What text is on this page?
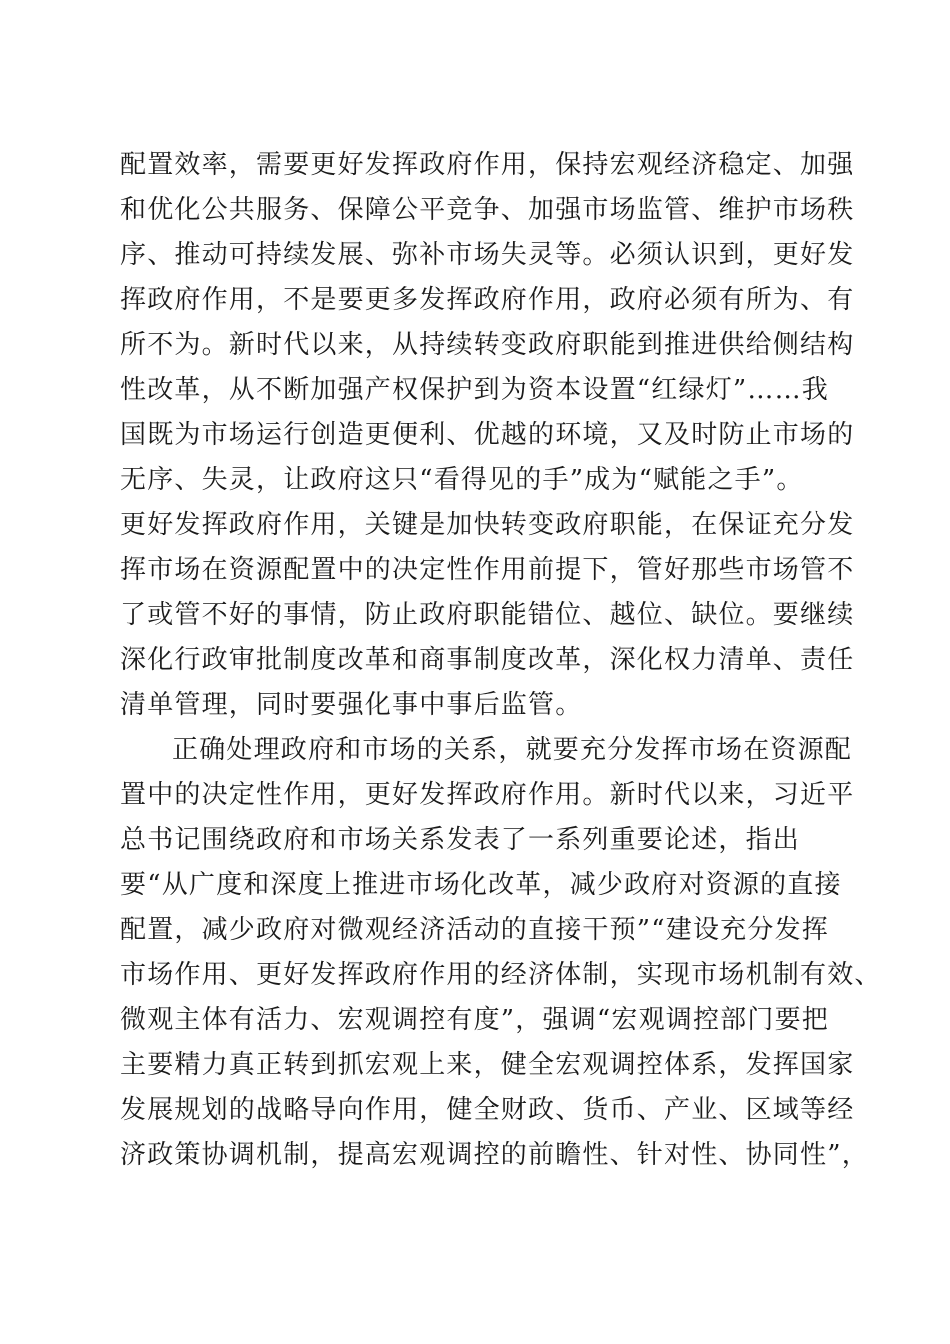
配置效率，需要更好发挥政府作用，保持宏观经济稳定、加强
和优化公共服务、保障公平竞争、加强市场监管、维护市场秩
序、推动可持续发展、弥补市场失灵等。必须认识到，更好发
挥政府作用，不是要更多发挥政府作用，政府必须有所为、有
所不为。新时代以来，从持续转变政府职能到推进供给侧结构
性改革，从不断加强产权保护到为资本设置“红绿灯”……我
国既为市场运行创造更便利、优越的环境，又及时防止市场的
无序、失灵，让政府这只“看得见的手”成为“赋能之手”。
更好发挥政府作用，关键是加快转变政府职能，在保证充分发
挥市场在资源配置中的决定性作用前提下，管好那些市场管不
了或管不好的事情，防止政府职能错位、越位、缺位。要继续
深化行政审批制度改革和商事制度改革，深化权力清单、责任
清单管理，同时要强化事中事后监管。
正确处理政府和市场的关系，就要充分发挥市场在资源配
置中的决定性作用，更好发挥政府作用。新时代以来，习近平
总书记围绕政府和市场关系发表了一系列重要论述，指出
要“从广度和深度上推进市场化改革，减少政府对资源的直接
配置，减少政府对微观经济活动的直接干预”“建设充分发挥
市场作用、更好发挥政府作用的经济体制，实现市场机制有效、
微观主体有活力、宏观调控有度”，强调“宏观调控部门要把
主要精力真正转到抓宏观上来，健全宏观调控体系，发挥国家
发展规划的战略导向作用，健全财政、货币、产业、区域等经
济政策协调机制，提高宏观调控的前瞻性、针对性、协同性”，
